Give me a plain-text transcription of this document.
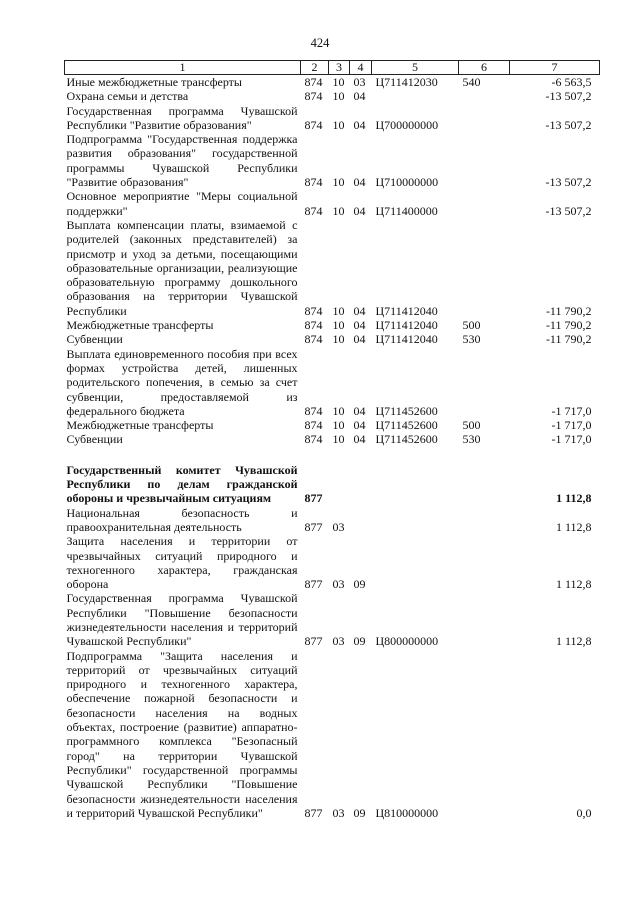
424
1	2	3	4	5	6	7
Иные межбюджетные трансферты	874	10	03	Ц711412030	540	-6 563,5
Охрана семьи и детства	874	10	04			-13 507,2
Государственная программа Чувашской Республики "Развитие образования"	874	10	04	Ц700000000		-13 507,2
Подпрограмма "Государственная поддержка развития образования" государственной программы Чувашской Республики "Развитие образования"	874	10	04	Ц710000000		-13 507,2
Основное мероприятие "Меры социальной поддержки"	874	10	04	Ц711400000		-13 507,2
Выплата компенсации платы, взимаемой с родителей (законных представителей) за присмотр и уход за детьми, посещающими образовательные организации, реализующие образовательную программу дошкольного образования на территории Чувашской Республики	874	10	04	Ц711412040		-11 790,2
Межбюджетные трансферты	874	10	04	Ц711412040	500	-11 790,2
Субвенции	874	10	04	Ц711412040	530	-11 790,2
Выплата единовременного пособия при всех формах устройства детей, лишенных родительского попечения, в семью за счет субвенции, предоставляемой из федерального бюджета	874	10	04	Ц711452600		-1 717,0
Межбюджетные трансферты	874	10	04	Ц711452600	500	-1 717,0
Субвенции	874	10	04	Ц711452600	530	-1 717,0

Государственный комитет Чувашской Республики по делам гражданской обороны и чрезвычайным ситуациям	877					1 112,8
Национальная безопасность и правоохранительная деятельность	877	03				1 112,8
Защита населения и территории от чрезвычайных ситуаций природного и техногенного характера, гражданская оборона	877	03	09			1 112,8
Государственная программа Чувашской Республики "Повышение безопасности жизнедеятельности населения и территорий Чувашской Республики"	877	03	09	Ц800000000		1 112,8
Подпрограмма "Защита населения и территорий от чрезвычайных ситуаций природного и техногенного характера, обеспечение пожарной безопасности и безопасности населения на водных объектах, построение (развитие) аппаратно-программного комплекса "Безопасный город" на территории Чувашской Республики" государственной программы Чувашской Республики "Повышение безопасности жизнедеятельности населения и территорий Чувашской Республики"	877	03	09	Ц810000000		0,0
